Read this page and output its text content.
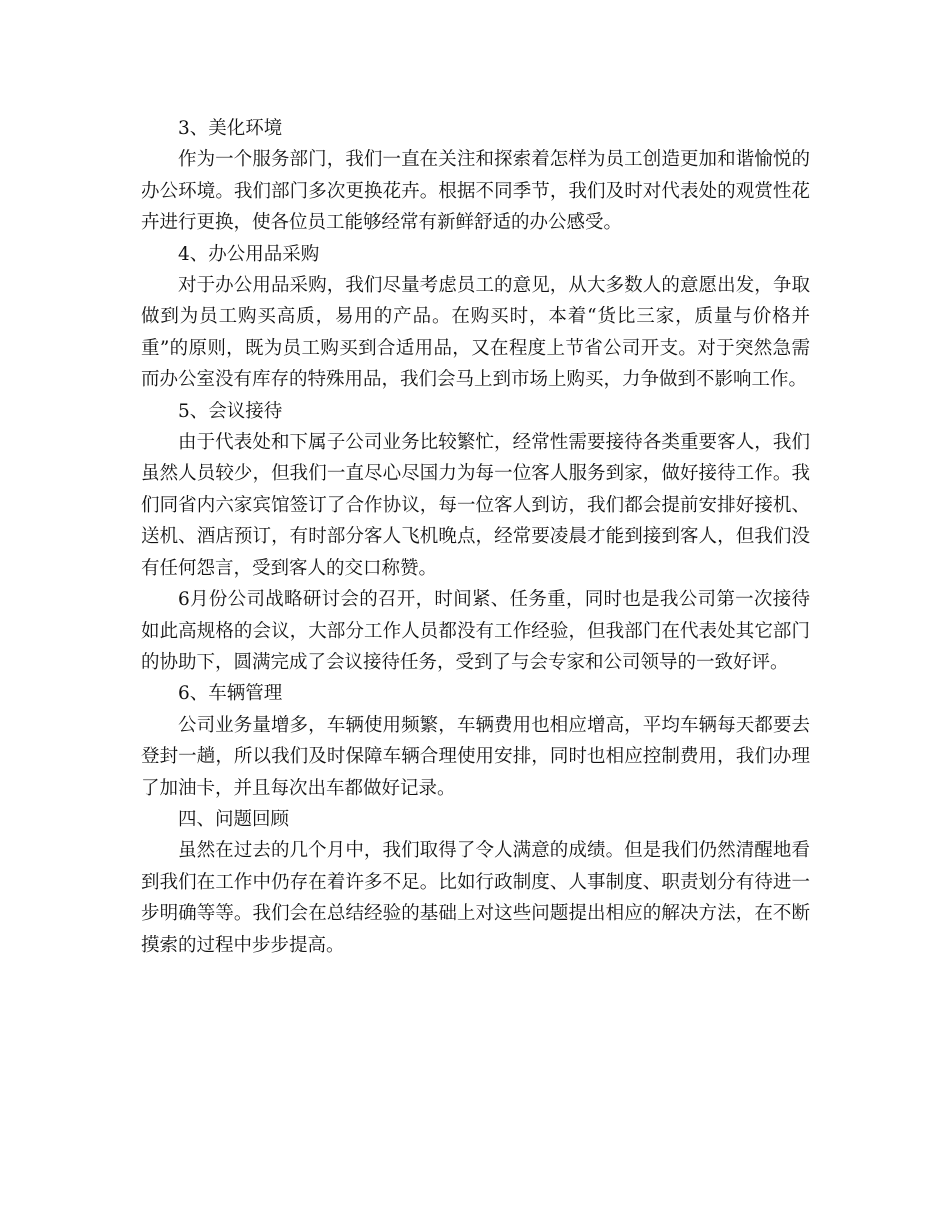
3、美化环境

作为一个服务部门，我们一直在关注和探索着怎样为员工创造更加和谐愉悦的办公环境。我们部门多次更换花卉。根据不同季节，我们及时对代表处的观赏性花卉进行更换，使各位员工能够经常有新鲜舒适的办公感受。

4、办公用品采购

对于办公用品采购，我们尽量考虑员工的意见，从大多数人的意愿出发，争取做到为员工购买高质，易用的产品。在购买时，本着“货比三家，质量与价格并重”的原则，既为员工购买到合适用品，又在程度上节省公司开支。对于突然急需而办公室没有库存的特殊用品，我们会马上到市场上购买，力争做到不影响工作。

5、会议接待

由于代表处和下属子公司业务比较繁忙，经常性需要接待各类重要客人，我们虽然人员较少，但我们一直尽心尽国力为每一位客人服务到家，做好接待工作。我们同省内六家宾馆签订了合作协议，每一位客人到访，我们都会提前安排好接机、送机、酒店预订，有时部分客人飞机晚点，经常要凌晨才能到接到客人，但我们没有任何怨言，受到客人的交口称赞。

6月份公司战略研讨会的召开，时间紧、任务重，同时也是我公司第一次接待如此高规格的会议，大部分工作人员都没有工作经验，但我部门在代表处其它部门的协助下，圆满完成了会议接待任务，受到了与会专家和公司领导的一致好评。

6、车辆管理

公司业务量增多，车辆使用频繁，车辆费用也相应增高，平均车辆每天都要去登封一趟，所以我们及时保障车辆合理使用安排，同时也相应控制费用，我们办理了加油卡，并且每次出车都做好记录。

四、问题回顾

虽然在过去的几个月中，我们取得了令人满意的成绩。但是我们仍然清醒地看到我们在工作中仍存在着许多不足。比如行政制度、人事制度、职责划分有待进一步明确等等。我们会在总结经验的基础上对这些问题提出相应的解决方法，在不断摸索的过程中步步提高。
